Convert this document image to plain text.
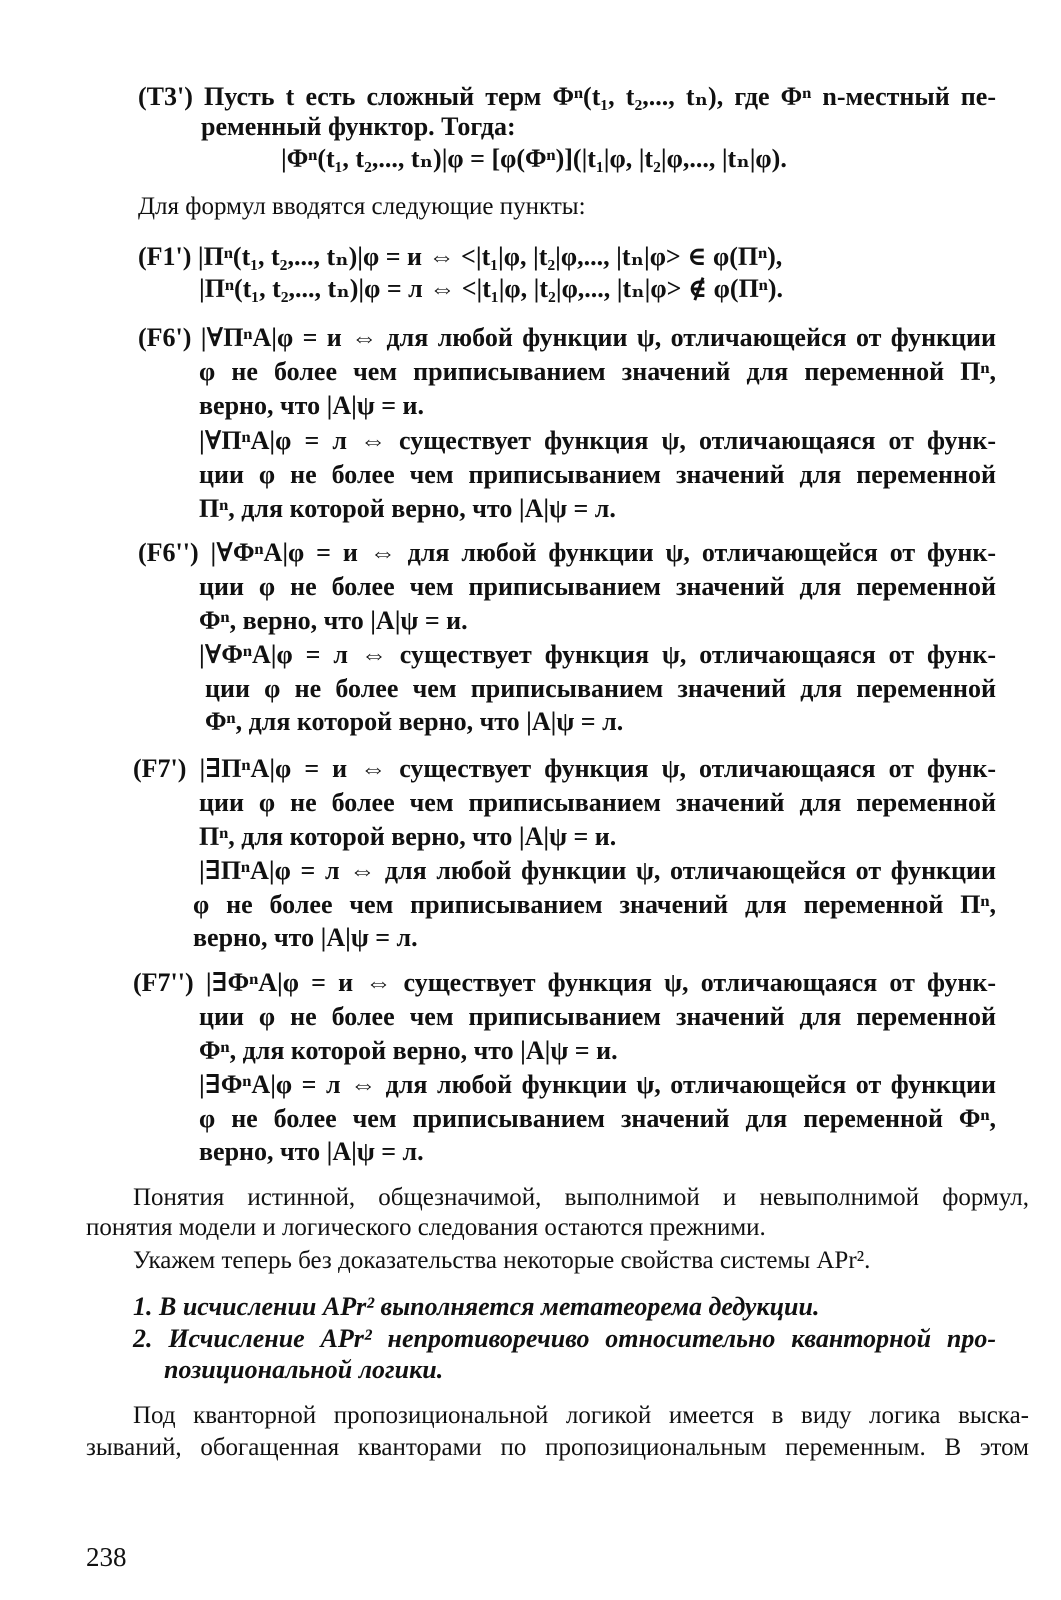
(T3') Пусть t есть сложный терм Φⁿ(t₁, t₂,..., tₙ), где Φⁿ n-местный пе-
ременный функтор. Тогда:
|Φⁿ(t₁, t₂,..., tₙ)|φ = [φ(Φⁿ)](|t₁|φ, |t₂|φ,..., |tₙ|φ).
Для формул вводятся следующие пункты:
(F1') |Πⁿ(t₁, t₂,..., tₙ)|φ = и ⇔ <|t₁|φ, |t₂|φ,..., |tₙ|φ> ∈ φ(Πⁿ),
|Πⁿ(t₁, t₂,..., tₙ)|φ = л ⇔ <|t₁|φ, |t₂|φ,..., |tₙ|φ> ∉ φ(Πⁿ).
(F6') |∀ΠⁿA|φ = и ⇔ для любой функции ψ, отличающейся от функции
φ не более чем приписыванием значений для переменной Πⁿ,
верно, что |A|ψ = и.
|∀ΠⁿA|φ = л ⇔ существует функция ψ, отличающаяся от функ-
ции φ не более чем приписыванием значений для переменной
Πⁿ, для которой верно, что |A|ψ = л.
(F6'') |∀ΦⁿA|φ = и ⇔ для любой функции ψ, отличающейся от функ-
ции φ не более чем приписыванием значений для переменной
Φⁿ, верно, что |A|ψ = и.
|∀ΦⁿA|φ = л ⇔ существует функция ψ, отличающаяся от функ-
ции φ не более чем приписыванием значений для переменной
Φⁿ, для которой верно, что |A|ψ = л.
(F7') |∃ΠⁿA|φ = и ⇔ существует функция ψ, отличающаяся от функ-
ции φ не более чем приписыванием значений для переменной
Πⁿ, для которой верно, что |A|ψ = и.
|∃ΠⁿA|φ = л ⇔ для любой функции ψ, отличающейся от функции
φ не более чем приписыванием значений для переменной Πⁿ,
верно, что |A|ψ = л.
(F7'') |∃ΦⁿA|φ = и ⇔ существует функция ψ, отличающаяся от функ-
ции φ не более чем приписыванием значений для переменной
Φⁿ, для которой верно, что |A|ψ = и.
|∃ΦⁿA|φ = л ⇔ для любой функции ψ, отличающейся от функции
φ не более чем приписыванием значений для переменной Φⁿ,
верно, что |A|ψ = л.
Понятия истинной, общезначимой, выполнимой и невыполнимой формул,
понятия модели и логического следования остаются прежними.
Укажем теперь без доказательства некоторые свойства системы APr².
1. В исчислении APr² выполняется метатеорема дедукции.
2. Исчисление APr² непротиворечиво относительно кванторной про-
позициональной логики.
Под кванторной пропозициональной логикой имеется в виду логика выска-
зываний, обогащенная кванторами по пропозициональным переменным. В этом
238
